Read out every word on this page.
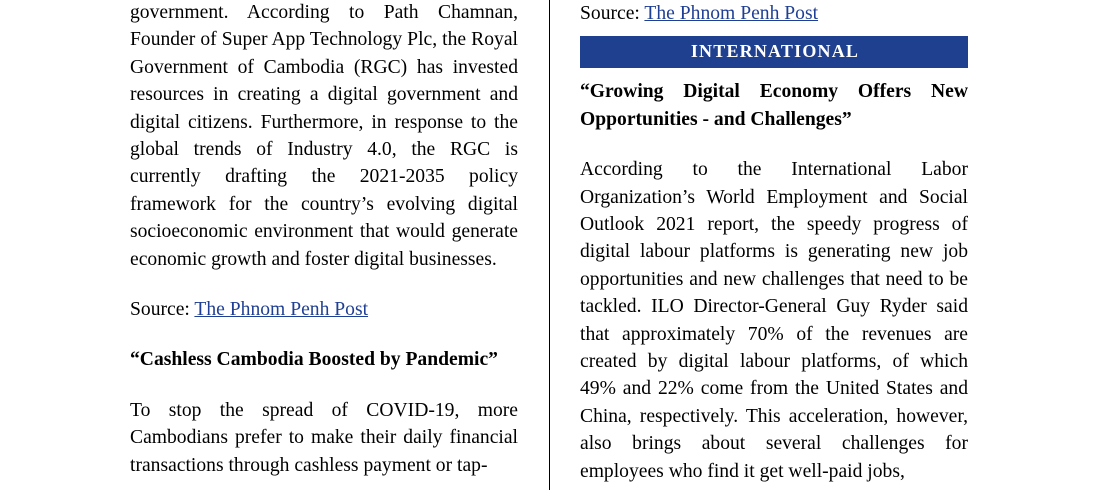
government. According to Path Chamnan, Founder of Super App Technology Plc, the Royal Government of Cambodia (RGC) has invested resources in creating a digital government and digital citizens. Furthermore, in response to the global trends of Industry 4.0, the RGC is currently drafting the 2021-2035 policy framework for the country’s evolving digital socioeconomic environment that would generate economic growth and foster digital businesses.

Source: The Phnom Penh Post
“Cashless Cambodia Boosted by Pandemic”

To stop the spread of COVID-19, more Cambodians prefer to make their daily financial transactions through cashless payment or tap-

Source: The Phnom Penh Post
INTERNATIONAL
“Growing Digital Economy Offers New Opportunities - and Challenges”

According to the International Labor Organization’s World Employment and Social Outlook 2021 report, the speedy progress of digital labour platforms is generating new job opportunities and new challenges that need to be tackled. ILO Director-General Guy Ryder said that approximately 70% of the revenues are created by digital labour platforms, of which 49% and 22% come from the United States and China, respectively. This acceleration, however, also brings about several challenges for employees who find it get well-paid jobs,
